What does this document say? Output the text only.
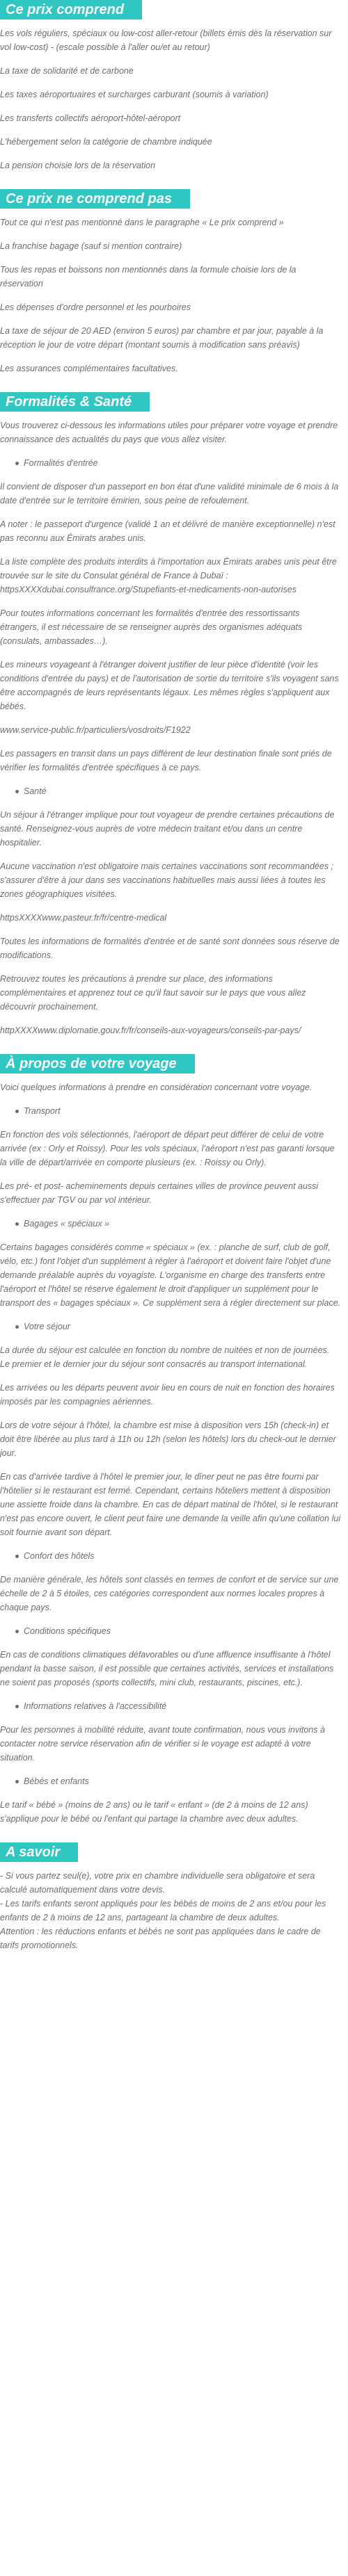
Ce prix comprend
Les vols réguliers, spéciaux ou low-cost aller-retour (billets émis dès la réservation sur vol low-cost) - (escale possible à l'aller ou/et au retour)
La taxe de solidarité et de carbone
Les taxes aéroportuaires et surcharges carburant (soumis à variation)
Les transferts collectifs aéroport-hôtel-aéroport
L'hébergement selon la catégorie de chambre indiquée
La pension choisie lors de la réservation
Ce prix ne comprend pas
Tout ce qui n'est pas mentionné dans le paragraphe « Le prix comprend »
La franchise bagage (sauf si mention contraire)
Tous les repas et boissons non mentionnés dans la formule choisie lors de la réservation
Les dépenses d'ordre personnel et les pourboires
La taxe de séjour de 20 AED (environ 5 euros) par chambre et par jour, payable à la réception le jour de votre départ (montant soumis à modification sans préavis)
Les assurances complémentaires facultatives.
Formalités & Santé
Vous trouverez ci-dessous les informations utiles pour préparer votre voyage et prendre connaissance des actualités du pays que vous allez visiter.
Formalités d'entrée
Il convient de disposer d'un passeport en bon état d'une validité minimale de 6 mois à la date d'entrée sur le territoire émirien, sous peine de refoulement.
A noter : le passeport d'urgence (validé 1 an et délivré de manière exceptionnelle) n'est pas reconnu aux Émirats arabes unis.
La liste complète des produits interdits à l'importation aux Émirats arabes unis peut être trouvée sur le site du Consulat général de France à Dubaï : httpsXXXXdubai.consulfrance.org/Stupefiants-et-medicaments-non-autorises
Pour toutes informations concernant les formalités d'entrée des ressortissants étrangers, il est nécessaire de se renseigner auprès des organismes adéquats (consulats, ambassades…).
Les mineurs voyageant à l'étranger doivent justifier de leur pièce d'identité (voir les conditions d'entrée du pays) et de l'autorisation de sortie du territoire s'ils voyagent sans être accompagnés de leurs représentants légaux. Les mêmes règles s'appliquent aux bébés.
www.service-public.fr/particuliers/vosdroits/F1922
Les passagers en transit dans un pays différent de leur destination finale sont priés de vérifier les formalités d'entrée spécifiques à ce pays.
Santé
Un séjour à l'étranger implique pour tout voyageur de prendre certaines précautions de santé. Renseignez-vous auprès de votre médecin traitant et/ou dans un centre hospitalier.
Aucune vaccination n'est obligatoire mais certaines vaccinations sont recommandées ; s'assurer d'être à jour dans ses vaccinations habituelles mais aussi liées à toutes les zones géographiques visitées.
httpsXXXXwww.pasteur.fr/fr/centre-medical
Toutes les informations de formalités d'entrée et de santé sont données sous réserve de modifications.
Retrouvez toutes les précautions à prendre sur place, des informations complémentaires et apprenez tout ce qu'il faut savoir sur le pays que vous allez découvrir prochainement.
httpXXXXwww.diplomatie.gouv.fr/fr/conseils-aux-voyageurs/conseils-par-pays/
À propos de votre voyage
Voici quelques informations à prendre en considération concernant votre voyage.
Transport
En fonction des vols sélectionnés, l'aéroport de départ peut différer de celui de votre arrivée (ex : Orly et Roissy). Pour les vols spéciaux, l'aéroport n'est pas garanti lorsque la ville de départ/arrivée en comporte plusieurs (ex. : Roissy ou Orly).
Les pré- et post- acheminements depuis certaines villes de province peuvent aussi s'effectuer par TGV ou par vol intérieur.
Bagages « spéciaux »
Certains bagages considérés comme « spéciaux » (ex. : planche de surf, club de golf, vélo, etc.) font l'objet d'un supplément à régler à l'aéroport et doivent faire l'objet d'une demande préalable auprès du voyagiste. L'organisme en charge des transferts entre l'aéroport et l'hôtel se réserve également le droit d'appliquer un supplément pour le transport des « bagages spéciaux ». Ce supplément sera à régler directement sur place.
Votre séjour
La durée du séjour est calculée en fonction du nombre de nuitées et non de journées. Le premier et le dernier jour du séjour sont consacrés au transport international.
Les arrivées ou les départs peuvent avoir lieu en cours de nuit en fonction des horaires imposés par les compagnies aériennes.
Lors de votre séjour à l'hôtel, la chambre est mise à disposition vers 15h (check-in) et doit être libérée au plus tard à 11h ou 12h (selon les hôtels) lors du check-out le dernier jour.
En cas d'arrivée tardive à l'hôtel le premier jour, le dîner peut ne pas être fourni par l'hôtelier si le restaurant est fermé. Cependant, certains hôteliers mettent à disposition une assiette froide dans la chambre. En cas de départ matinal de l'hôtel, si le restaurant n'est pas encore ouvert, le client peut faire une demande la veille afin qu'une collation lui soit fournie avant son départ.
Confort des hôtels
De manière générale, les hôtels sont classés en termes de confort et de service sur une échelle de 2 à 5 étoiles, ces catégories correspondent aux normes locales propres à chaque pays.
Conditions spécifiques
En cas de conditions climatiques défavorables ou d'une affluence insuffisante à l'hôtel pendant la basse saison, il est possible que certaines activités, services et installations ne soient pas proposés (sports collectifs, mini club, restaurants, piscines, etc.).
Informations relatives à l'accessibilité
Pour les personnes à mobilité réduite, avant toute confirmation, nous vous invitons à contacter notre service réservation afin de vérifier si le voyage est adapté à votre situation.
Bébés et enfants
Le tarif « bébé » (moins de 2 ans) ou le tarif « enfant » (de 2 à moins de 12 ans) s'applique pour le bébé ou l'enfant qui partage la chambre avec deux adultes.
A savoir
- Si vous partez seul(e), votre prix en chambre individuelle sera obligatoire et sera calculé automatiquement dans votre devis.
- Les tarifs enfants seront appliqués pour les bébés de moins de 2 ans et/ou pour les enfants de 2 à moins de 12 ans, partageant la chambre de deux adultes.
Attention : les réductions enfants et bébés ne sont pas appliquées dans le cadre de tarifs promotionnels.
